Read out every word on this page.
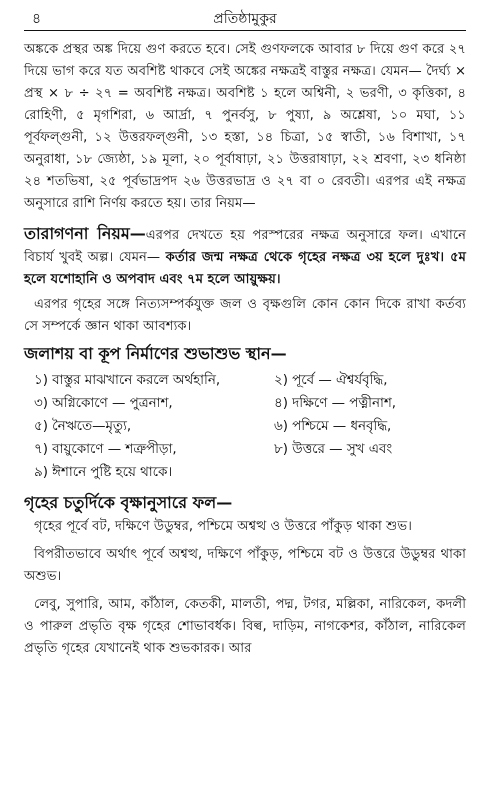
৪	প্রতিষ্ঠামুকুর

অঙ্ককে প্রস্থর অঙ্ক দিয়ে গুণ করতে হবে। সেই গুণফলকে আবার ৮ দিয়ে গুণ করে ২৭ দিয়ে ভাগ করে যত অবশিষ্ট থাকবে সেই অঙ্কের নক্ষত্রই বাস্তুর নক্ষত্র। যেমন— দৈর্ঘ্য × প্রস্থ × ৮ ÷ ২৭ = অবশিষ্ট নক্ষত্র। অবশিষ্ট ১ হলে অশ্বিনী, ২ ভরণী, ৩ কৃত্তিকা, ৪ রোহিণী, ৫ মৃগশিরা, ৬ আর্দ্রা, ৭ পুনর্বসু, ৮ পুষ্যা, ৯ অশ্লেষা, ১০ মঘা, ১১ পূর্বফল্গুনী, ১২ উত্তরফল্গুনী, ১৩ হস্তা, ১৪ চিত্রা, ১৫ স্বাতী, ১৬ বিশাখা, ১৭ অনুরাধা, ১৮ জ্যেষ্ঠা, ১৯ মূলা, ২০ পূর্বাষাঢ়া, ২১ উত্তরাষাঢ়া, ২২ শ্রবণা, ২৩ ধনিষ্ঠা ২৪ শতভিষা, ২৫ পূর্বভাদ্রপদ ২৬ উত্তরভাদ্র ও ২৭ বা ০ রেবতী। এরপর এই নক্ষত্র অনুসারে রাশি নির্ণয় করতে হয়। তার নিয়ম—

তারাগণনা নিয়ম—এরপর দেখতে হয় পরস্পরের নক্ষত্র অনুসারে ফল। এখানে বিচার্য খুবই অল্প। যেমন— কর্তার জন্ম নক্ষত্র থেকে গৃহের নক্ষত্র ৩য় হলে দুঃখ। ৫ম হলে যশোহানি ও অপবাদ এবং ৭ম হলে আয়ুক্ষয়।

এরপর গৃহের সঙ্গে নিত্যসম্পর্কযুক্ত জল ও বৃক্ষগুলি কোন কোন দিকে রাখা কর্তব্য সে সম্পর্কে জ্ঞান থাকা আবশ্যক।

জলাশয় বা কূপ নির্মাণের শুভাশুভ স্থান—
১) বাস্তুর মাঝখানে করলে অর্থহানি,	২) পূর্বে — ঐশ্বর্যবৃদ্ধি,
৩) অগ্নিকোণে — পুত্রনাশ,	৪) দক্ষিণে — পত্নীনাশ,
৫) নৈঋতে—মৃত্যু,	৬) পশ্চিমে — ধনবৃদ্ধি,
৭) বায়ুকোণে — শত্রুপীড়া,	৮) উত্তরে — সুখ এবং
৯) ঈশানে পুষ্টি হয়ে থাকে।
গৃহের চতুর্দিকে বৃক্ষানুসারে ফল—

গৃহের পূর্বে বট, দক্ষিণে উডুম্বর, পশ্চিমে অশ্বত্থ ও উত্তরে পাঁকুড় থাকা শুভ।

বিপরীতভাবে অর্থাৎ পূর্বে অশ্বত্থ, দক্ষিণে পাঁকুড়, পশ্চিমে বট ও উত্তরে উডুম্বর থাকা অশুভ।

লেবু, সুপারি, আম, কাঁঠাল, কেতকী, মালতী, পদ্ম, টগর, মল্লিকা, নারিকেল, কদলী ও পারুল প্রভৃতি বৃক্ষ গৃহের শোভাবর্ধক। বিল্ব, দাড়িম, নাগকেশর, কাঁঠাল, নারিকেল প্রভৃতি গৃহের যেখানেই থাক শুভকারক। আর
